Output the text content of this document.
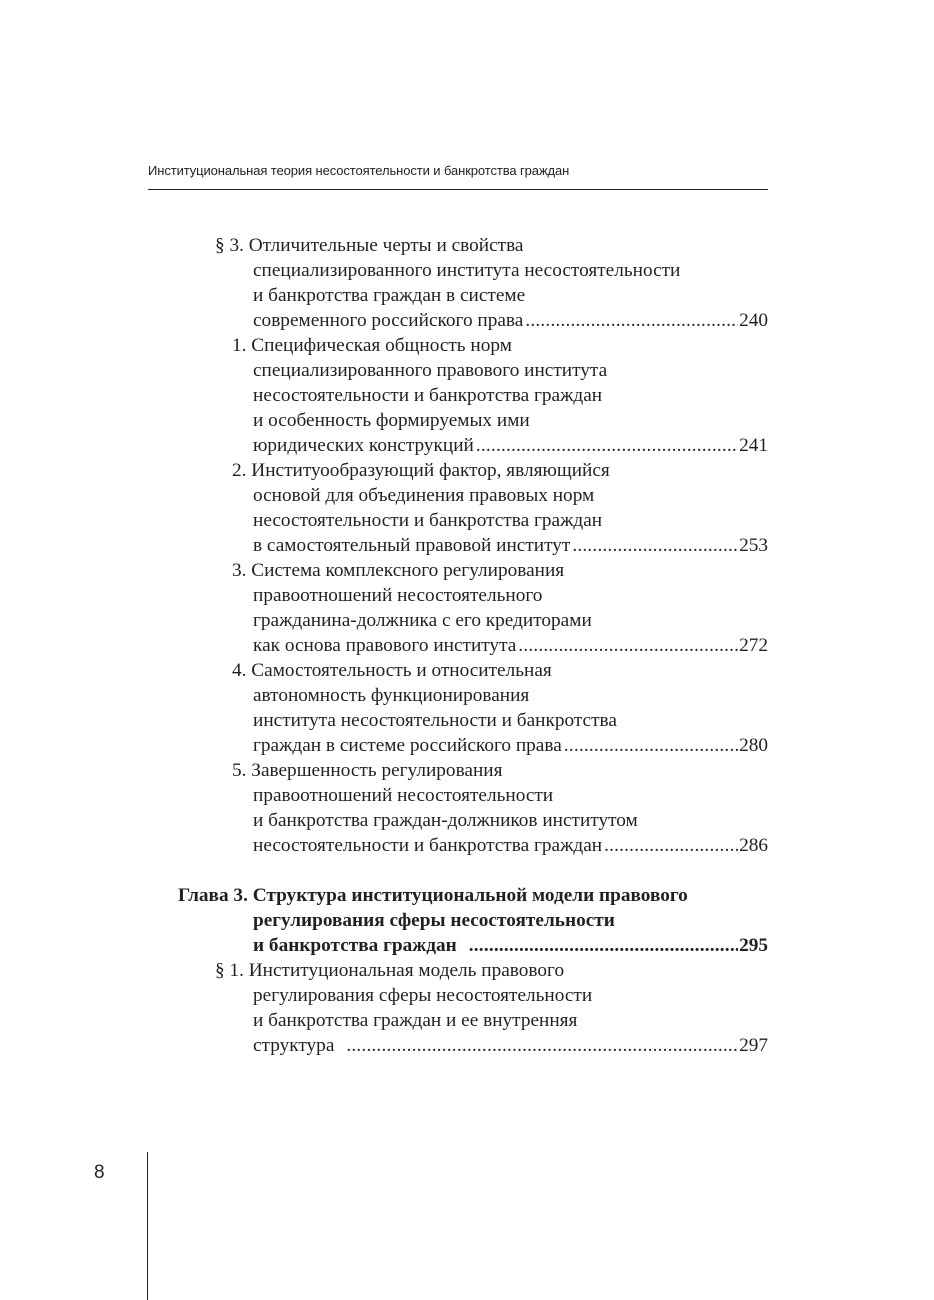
Институциональная теория несостоятельности и банкротства граждан
§ 3. Отличительные черты и свойства
специализированного института несостоятельности
и банкротства граждан в системе
современного российского права .....	240
1. Специфическая общность норм
специализированного правового института
несостоятельности и банкротства граждан
и особенность формируемых ими
юридических конструкций .....	241
2. Институообразующий фактор, являющийся
основой для объединения правовых норм
несостоятельности и банкротства граждан
в самостоятельный правовой институт .....	253
3. Система комплексного регулирования
правоотношений несостоятельного
гражданина-должника с его кредиторами
как основа правового института .....	272
4. Самостоятельность и относительная
автономность функционирования
института несостоятельности и банкротства
граждан в системе российского права .....	280
5. Завершенность регулирования
правоотношений несостоятельности
и банкротства граждан-должников институтом
несостоятельности и банкротства граждан .....	286
Глава 3. Структура институциональной модели правового
регулирования сферы несостоятельности
и банкротства граждан .....	295
§ 1. Институциональная модель правового
регулирования сферы несостоятельности
и банкротства граждан и ее внутренняя
структура .....	297
8
